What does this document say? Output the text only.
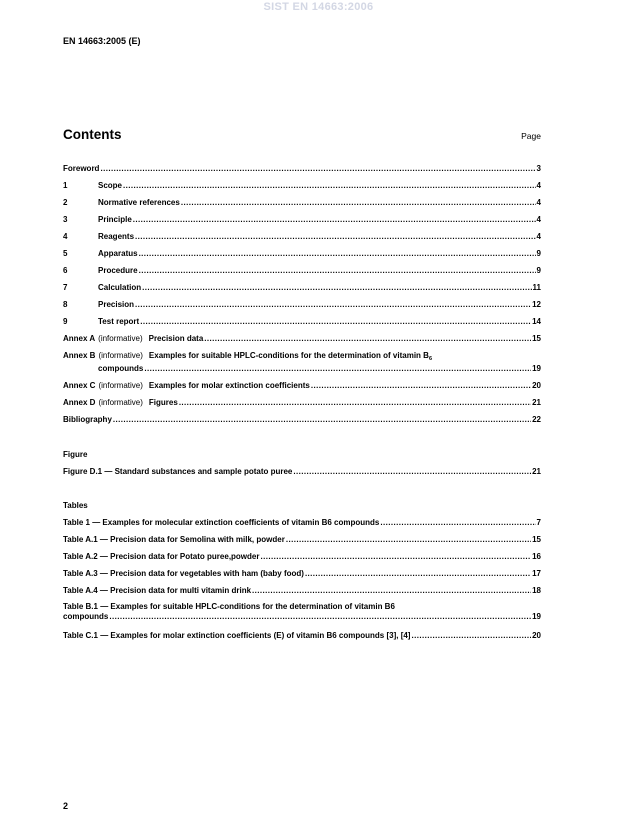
SIST EN 14663:2006
EN 14663:2005 (E)
Contents	Page
Foreword .....	3
1	Scope .....	4
2	Normative references .....	4
3	Principle .....	4
4	Reagents .....	4
5	Apparatus .....	9
6	Procedure .....	9
7	Calculation .....	11
8	Precision .....	12
9	Test report .....	14
Annex A (informative) Precision data .....	15
Annex B (informative) Examples for suitable HPLC-conditions for the determination of vitamin $B_6$
compounds .....	19
Annex C (informative) Examples for molar extinction coefficients .....	20
Annex D (informative) Figures .....	21
Bibliography .....	22
Figure
Figure D.1 — Standard substances and sample potato puree .....	21
Tables
Table 1 — Examples for molecular extinction coefficients of vitamin B6 compounds .....	7
Table A.1 — Precision data for Semolina with milk, powder .....	15
Table A.2 — Precision data for Potato puree,powder .....	16
Table A.3 — Precision data for vegetables with ham (baby food) .....	17
Table A.4 — Precision data for multi vitamin drink .....	18
Table B.1 — Examples for suitable HPLC-conditions for the determination of vitamin B6
compounds .....	19
Table C.1 — Examples for molar extinction coefficients (E) of vitamin B6 compounds [3], [4] .....	20
2
